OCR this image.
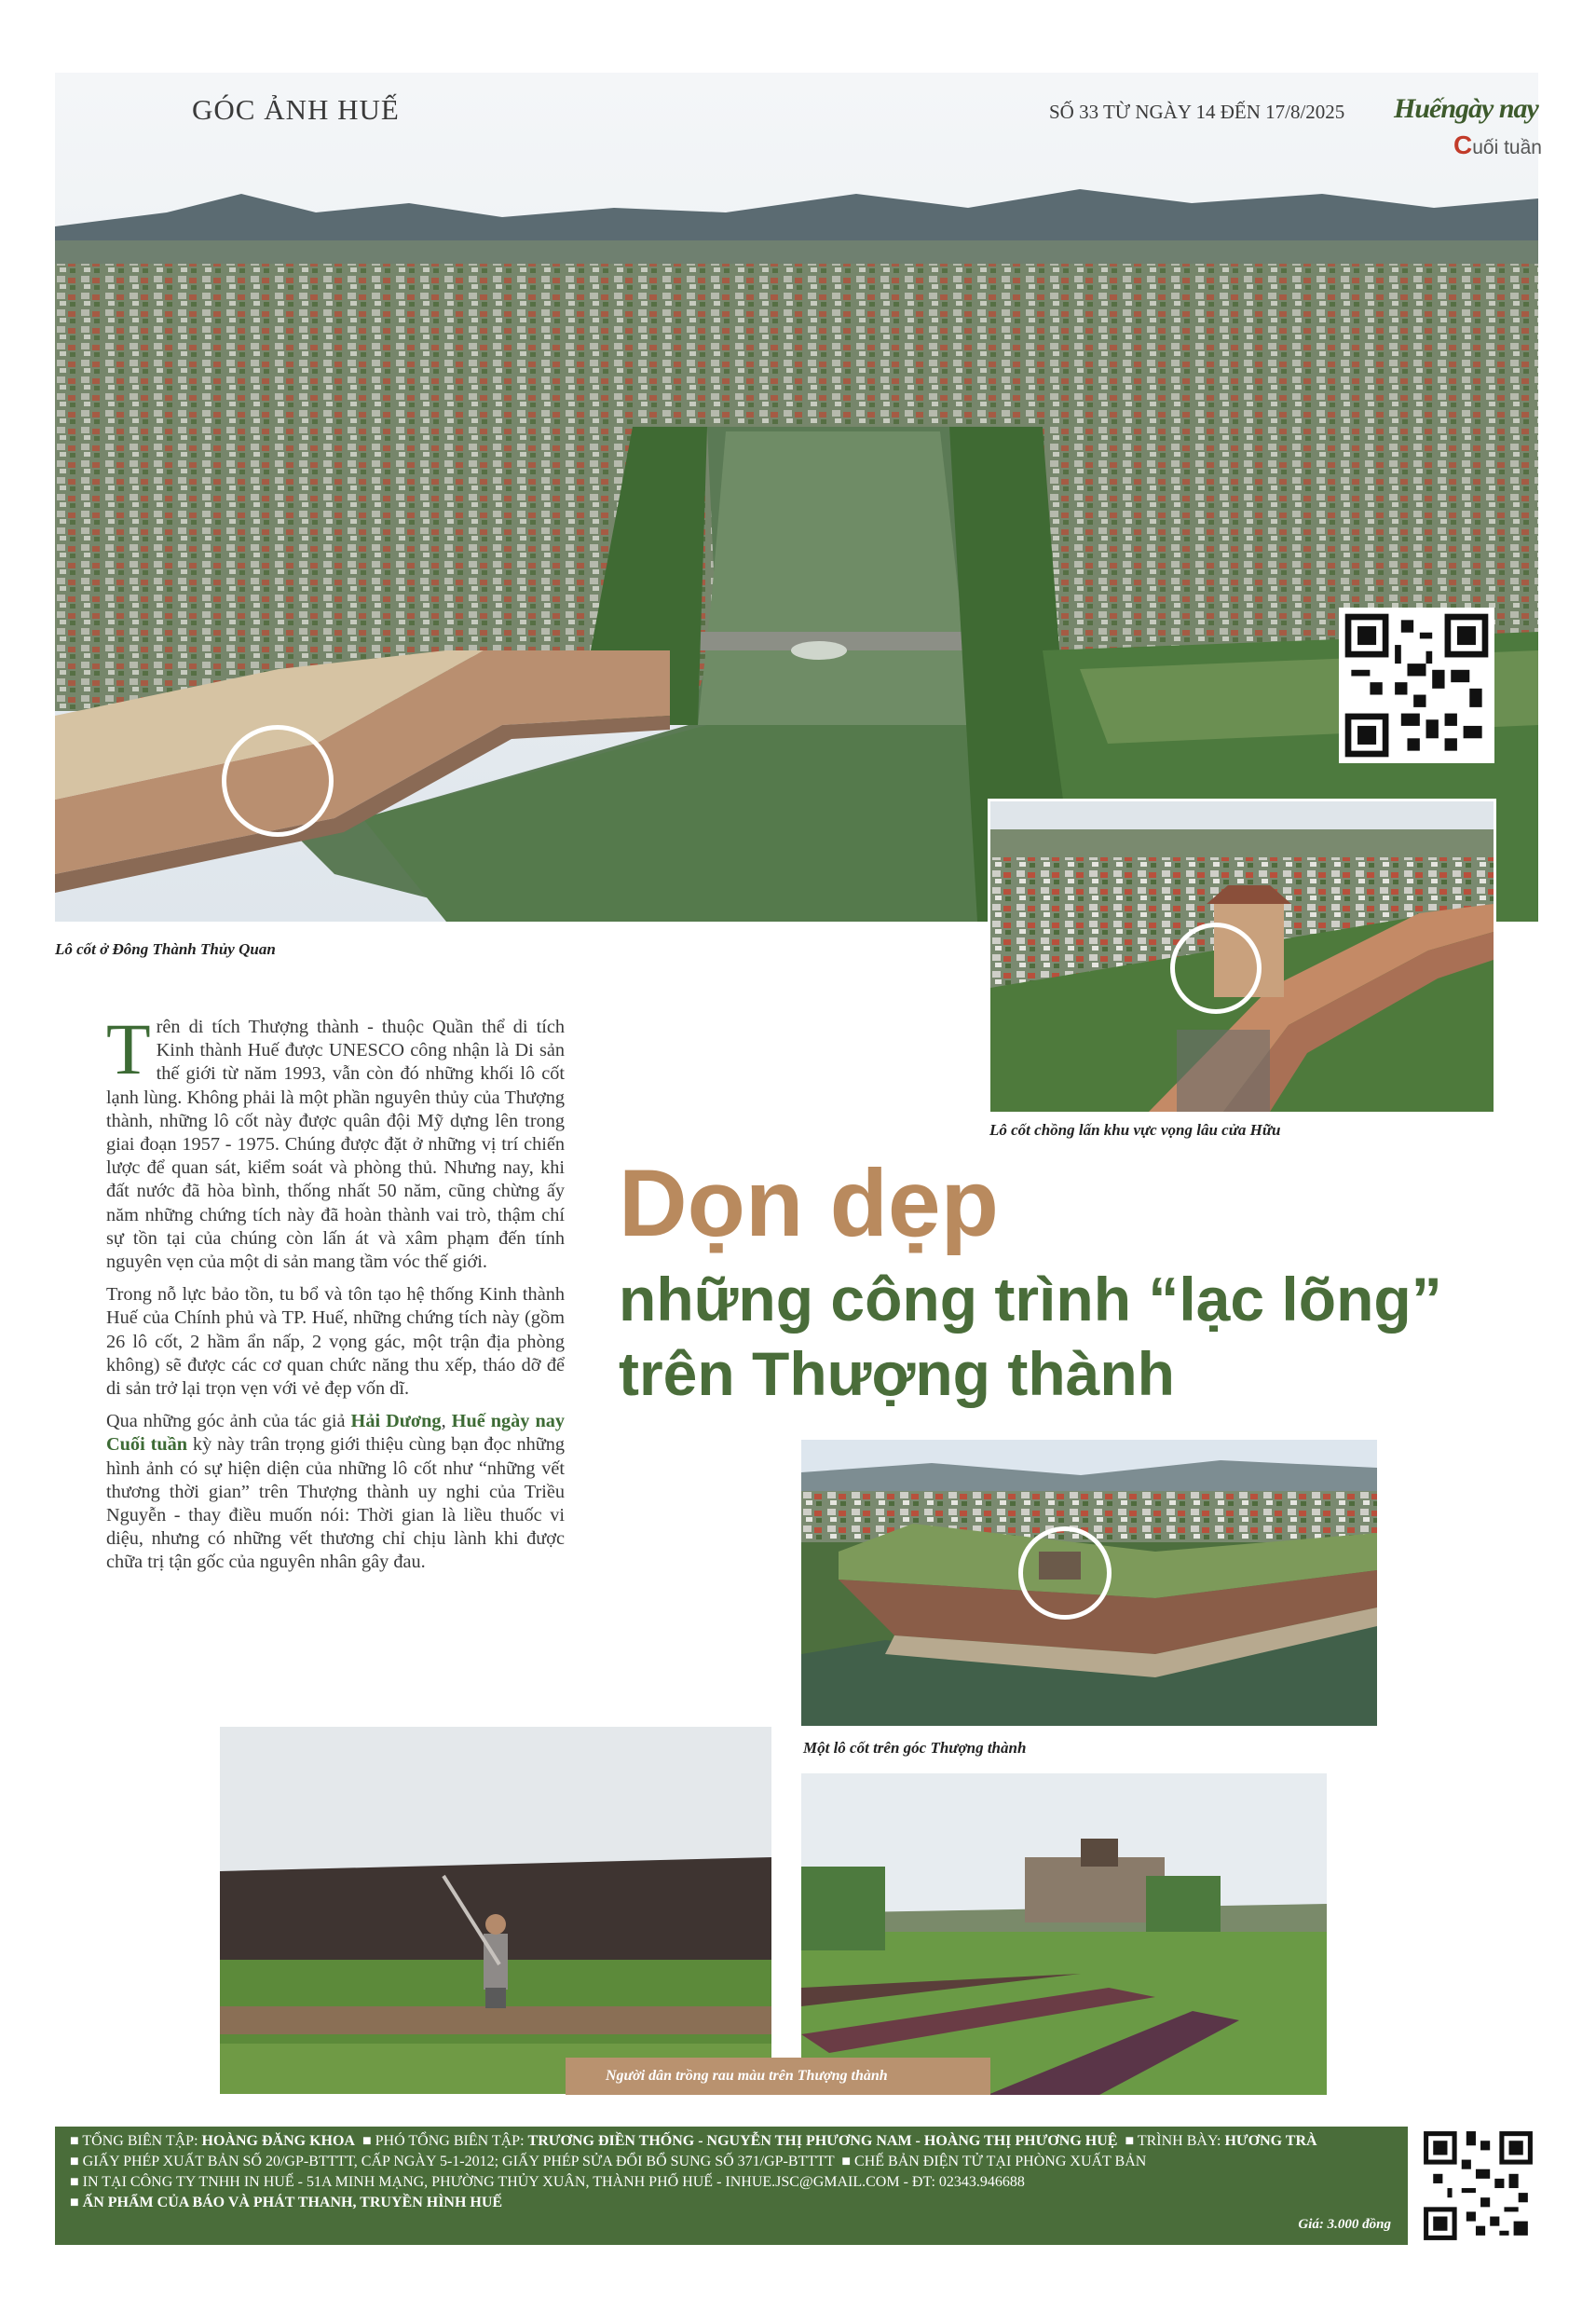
GÓC ẢNH HUẾ	SỐ 33 TỪ NGÀY 14 ĐẾN 17/8/2025 Huếngày nay
Cuối tuần
Lô cốt ở Đông Thành Thủy Quan
Lô cốt chồng lấn khu vực vọng lâu cửa Hữu

Trên di tích Thượng thành - thuộc Quần thể di tích Kinh thành Huế được UNESCO công nhận là Di sản thế giới từ năm 1993, vẫn còn đó những khối lô cốt lạnh lùng. Không phải là một phần nguyên thủy của Thượng thành, những lô cốt này được quân đội Mỹ dựng lên trong giai đoạn 1957 - 1975. Chúng được đặt ở những vị trí chiến lược để quan sát, kiểm soát và phòng thủ. Nhưng nay, khi đất nước đã hòa bình, thống nhất 50 năm, cũng chừng ấy năm những chứng tích này đã hoàn thành vai trò, thậm chí sự tồn tại của chúng còn lấn át và xâm phạm đến tính nguyên vẹn của một di sản mang tầm vóc thế giới.

Trong nỗ lực bảo tồn, tu bổ và tôn tạo hệ thống Kinh thành Huế của Chính phủ và TP. Huế, những chứng tích này (gồm 26 lô cốt, 2 hầm ẩn nấp, 2 vọng gác, một trận địa phòng không) sẽ được các cơ quan chức năng thu xếp, tháo dỡ để di sản trở lại trọn vẹn với vẻ đẹp vốn dĩ.

Qua những góc ảnh của tác giả Hải Dương, Huế ngày nay Cuối tuần kỳ này trân trọng giới thiệu cùng bạn đọc những hình ảnh có sự hiện diện của những lô cốt như “những vết thương thời gian” trên Thượng thành uy nghi của Triều Nguyễn - thay điều muốn nói: Thời gian là liều thuốc vi diệu, nhưng có những vết thương chỉ chịu lành khi được chữa trị tận gốc của nguyên nhân gây đau.

Dọn dẹp
những công trình “lạc lõng”
trên Thượng thành
Một lô cốt trên góc Thượng thành
Người dân trồng rau màu trên Thượng thành
■ TỔNG BIÊN TẬP: HOÀNG ĐĂNG KHOA  ■ PHÓ TỔNG BIÊN TẬP: TRƯƠNG ĐIỀN THỐNG - NGUYỄN THỊ PHƯƠNG NAM - HOÀNG THỊ PHƯƠNG HUỆ  ■ TRÌNH BÀY: HƯƠNG TRÀ
■ GIẤY PHÉP XUẤT BẢN SỐ 20/GP-BTTTT, CẤP NGÀY 5-1-2012; GIẤY PHÉP SỬA ĐỔI BỔ SUNG SỐ 371/GP-BTTTT  ■ CHẾ BẢN ĐIỆN TỬ TẠI PHÒNG XUẤT BẢN
■ IN TẠI CÔNG TY TNHH IN HUẾ - 51A MINH MẠNG, PHƯỜNG THỦY XUÂN, THÀNH PHỐ HUẾ - INHUE.JSC@GMAIL.COM - ĐT: 02343.946688
■ ẤN PHẨM CỦA BÁO VÀ PHÁT THANH, TRUYỀN HÌNH HUẾ
Giá: 3.000 đồng
